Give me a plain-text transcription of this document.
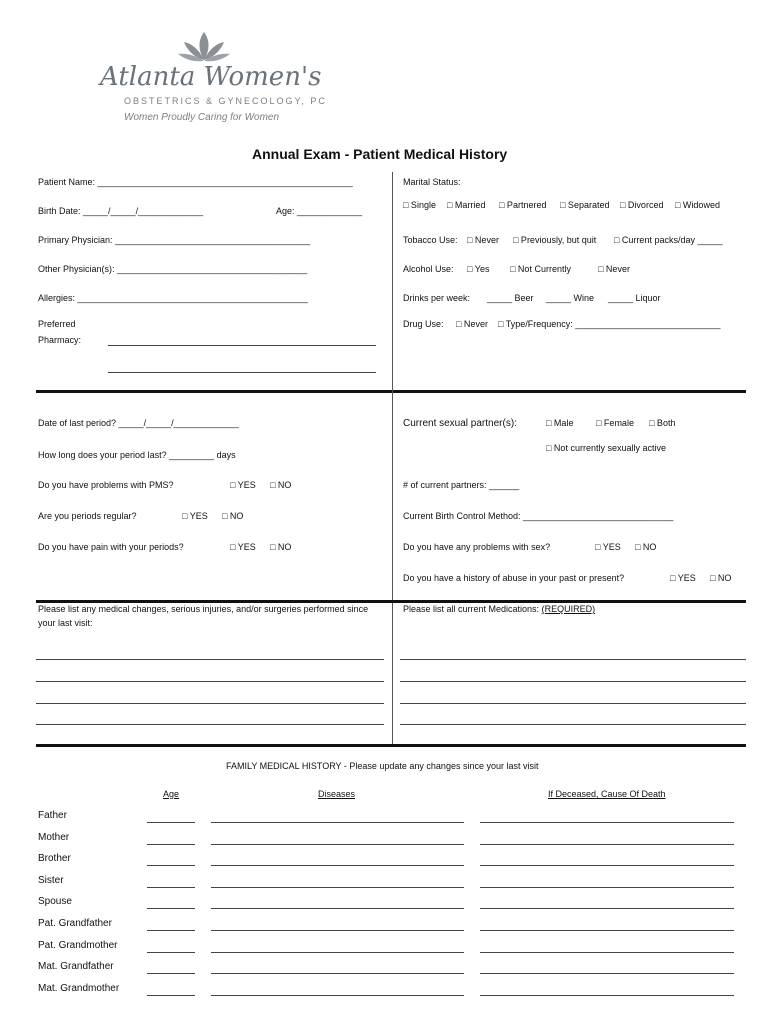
Atlanta Women's
OBSTETRICS & GYNECOLOGY, PC
Women Proudly Caring for Women
Annual Exam - Patient Medical History
Patient Name: ___________________________________________________
Birth Date: _____/_____/_____________	Age: _____________
Primary Physician: _______________________________________
Other Physician(s): ______________________________________
Allergies: ______________________________________________
Preferred
Pharmacy:
Marital Status:
□ Single □ Married □ Partnered □ Separated □ Divorced □ Widowed
Tobacco Use: □ Never □ Previously, but quit □ Current packs/day _____
Alcohol Use: □ Yes □ Not Currently	□ Never
Drinks per week: _____ Beer _____ Wine _____ Liquor
Drug Use: □ Never □ Type/Frequency: _____________________________
Date of last period? _____/_____/_____________
How long does your period last? _________ days
Do you have problems with PMS?	□ YES □ NO
Are you periods regular?	□ YES □ NO
Do you have pain with your periods?	□ YES □ NO
Current sexual partner(s):	□ Male	□ Female □ Both
□ Not currently sexually active
# of current partners: ______
Current Birth Control Method: ______________________________
Do you have any problems with sex?	□ YES □ NO
Do you have a history of abuse in your past or present?	□ YES □ NO
Please list any medical changes, serious injuries, and/or surgeries performed since
your last visit:
Please list all current Medications: (REQUIRED)
FAMILY MEDICAL HISTORY - Please update any changes since your last visit
Age	Diseases	If Deceased, Cause Of Death
Father
Mother
Brother
Sister
Spouse
Pat. Grandfather
Pat. Grandmother
Mat. Grandfather
Mat. Grandmother
